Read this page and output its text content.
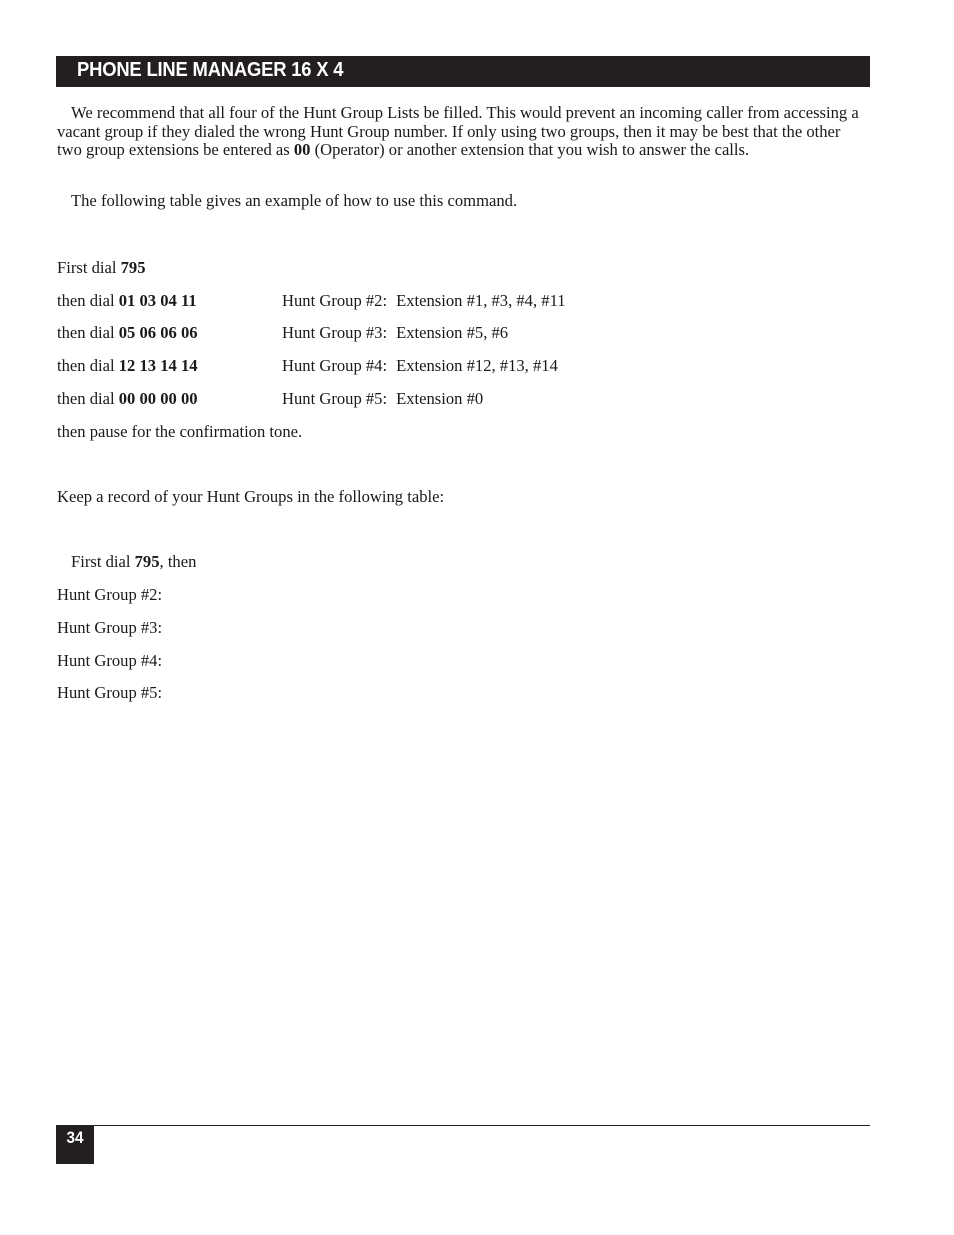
PHONE LINE MANAGER 16 X 4

We recommend that all four of the Hunt Group Lists be filled. This would prevent an incoming caller from accessing a vacant group if they dialed the wrong Hunt Group number. If only using two groups, then it may be best that the other two group extensions be entered as 00 (Operator) or another extension that you wish to answer the calls.

The following table gives an example of how to use this command.

First dial 795
then dial 01 03 04 11	Hunt Group #2: Extension #1, #3, #4, #11
then dial 05 06 06 06	Hunt Group #3: Extension #5, #6
then dial 12 13 14 14	Hunt Group #4: Extension #12, #13, #14
then dial 00 00 00 00	Hunt Group #5: Extension #0
then pause for the confirmation tone.
Keep a record of your Hunt Groups in the following table:
First dial 795, then
Hunt Group #2:
Hunt Group #3:
Hunt Group #4:
Hunt Group #5:
34
